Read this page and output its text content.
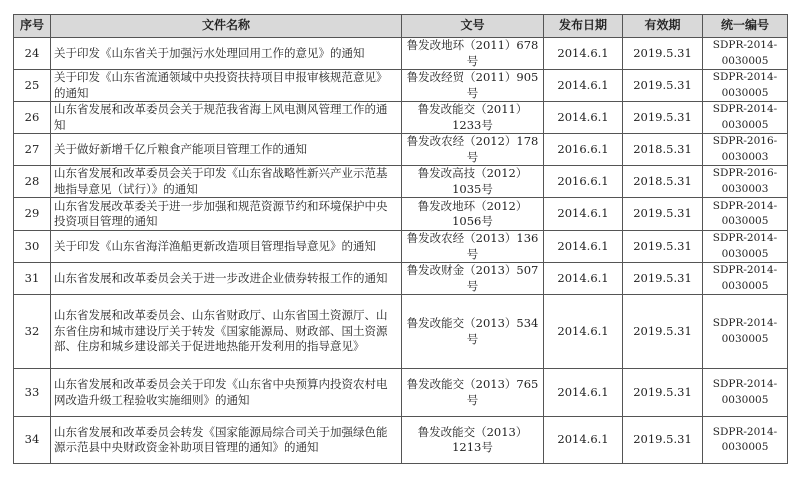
序号	文件名称	文号	发布日期	有效期	统一编号
24	关于印发《山东省关于加强污水处理回用工作的意见》的通知	鲁发改地环（2011）678号	2014.6.1	2019.5.31	SDPR-2014-0030005
25	关于印发《山东省流通领域中央投资扶持项目申报审核规范意见》的通知	鲁发改经贸（2011）905号	2014.6.1	2019.5.31	SDPR-2014-0030005
26	山东省发展和改革委员会关于规范我省海上风电测风管理工作的通知	鲁发改能交（2011）1233号	2014.6.1	2019.5.31	SDPR-2014-0030005
27	关于做好新增千亿斤粮食产能项目管理工作的通知	鲁发改农经（2012）178号	2016.6.1	2018.5.31	SDPR-2016-0030003
28	山东省发展和改革委员会关于印发《山东省战略性新兴产业示范基地指导意见（试行）》的通知	鲁发改高技（2012）1035号	2016.6.1	2018.5.31	SDPR-2016-0030003
29	山东省发展改革委关于进一步加强和规范资源节约和环境保护中央投资项目管理的通知	鲁发改地环（2012）1056号	2014.6.1	2019.5.31	SDPR-2014-0030005
30	关于印发《山东省海洋渔船更新改造项目管理指导意见》的通知	鲁发改农经（2013）136号	2014.6.1	2019.5.31	SDPR-2014-0030005
31	山东省发展和改革委员会关于进一步改进企业债券转报工作的通知	鲁发改财金（2013）507号	2014.6.1	2019.5.31	SDPR-2014-0030005
32	山东省发展和改革委员会、山东省财政厅、山东省国土资源厅、山东省住房和城市建设厅关于转发《国家能源局、财政部、国土资源部、住房和城乡建设部关于促进地热能开发利用的指导意见》	鲁发改能交（2013）534号	2014.6.1	2019.5.31	SDPR-2014-0030005
33	山东省发展和改革委员会关于印发《山东省中央预算内投资农村电网改造升级工程验收实施细则》的通知	鲁发改能交（2013）765号	2014.6.1	2019.5.31	SDPR-2014-0030005
34	山东省发展和改革委员会转发《国家能源局综合司关于加强绿色能源示范县中央财政资金补助项目管理的通知》的通知	鲁发改能交（2013）1213号	2014.6.1	2019.5.31	SDPR-2014-0030005
